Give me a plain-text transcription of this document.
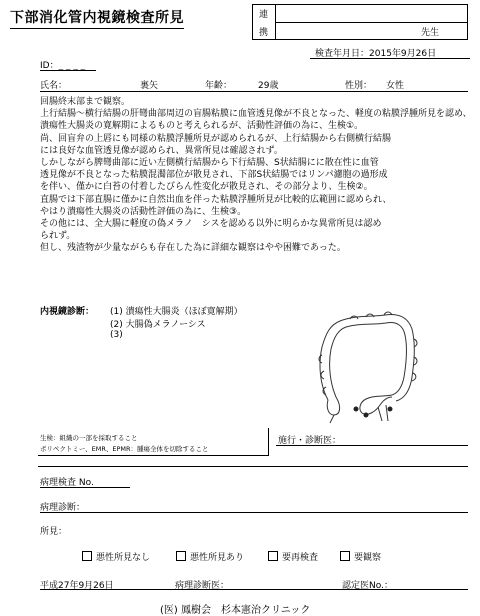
下部消化管内視鏡検査所見	連
携	先生
検査年月日：2015年9月26日
ID：_ _ _ _
氏名：	裏矢	年齢：	29歳	性別： 女性

回腸終末部まで観察。

上行結腸～横行結腸の肝彎曲部周辺の盲腸粘膜に血管透見像が不良となった、軽度の粘膜浮腫所見を認め、

潰瘍性大腸炎の寛解期によるものと考えられるが、活動性評価の為に、生検①。

尚、回盲弁の上唇にも同様の粘膜浮腫所見が認められるが、上行結腸から右側横行結腸

には良好な血管透見像が認められ、異常所見は確認されず。

しかしながら脾彎曲部に近い左側横行結腸から下行結腸、S状結腸にに散在性に血管

透見像が不良となった粘膜混濁部位が散見され、下部S状結腸ではリンパ濾胞の過形成

を伴い、僅かに白苔の付着したびらん性変化が散見され、その部分より、生検②。

直腸では下部直腸に僅かに自然出血を伴った粘膜浮腫所見が比較的広範囲に認められ、

やはり潰瘍性大腸炎の活動性評価の為に、生検③。

その他には、全大腸に軽度の偽メラノ　シスを認める以外に明らかな異常所見は認め

られず。

但し、残渣物が少量ながらも存在した為に詳細な観察はやや困難であった。

内視鏡診断： (1) 潰瘍性大腸炎（ほぼ寛解期）
(2) 大腸偽メラノーシス
(3)
生検：組織の一部を採取すること
ポリペクトミー、EMR、EPMR：腫瘍全体を切除すること
施行・診断医：
病理検査 No.
病理診断：
所見：
悪性所見なし	悪性所見あり	要再検査	要観察
平成27年9月26日	病理診断医：	認定医No.：
(医) 鳳樹会　杉本憲治クリニック
